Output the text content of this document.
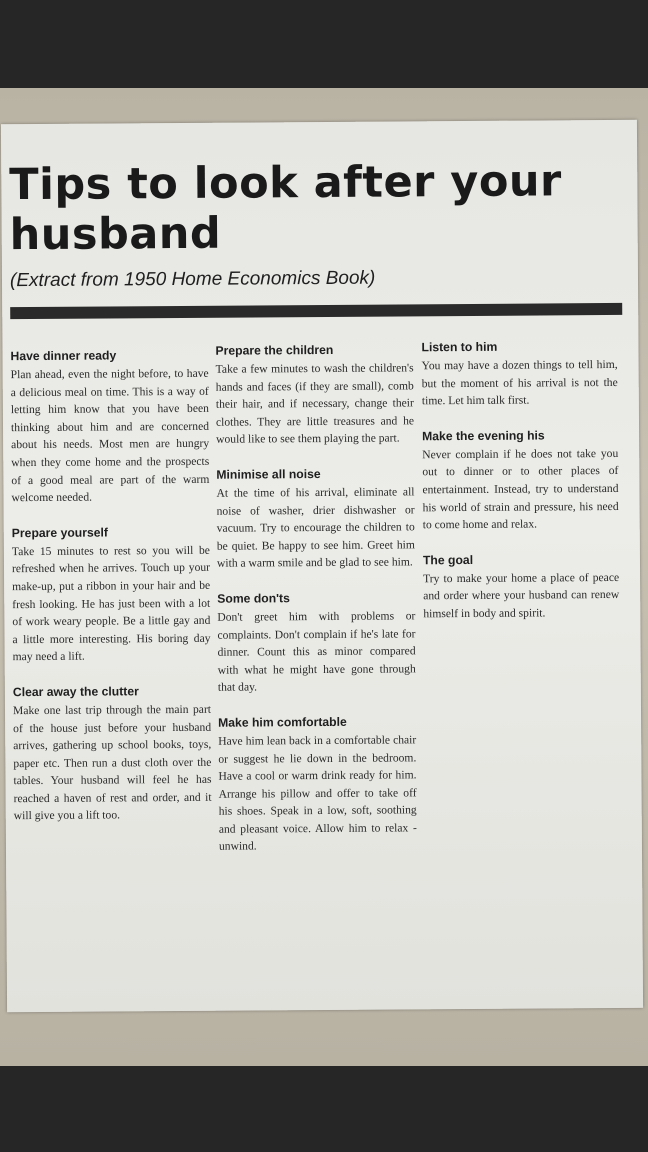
Tips to look after your husband
(Extract from 1950 Home Economics Book)
Have dinner ready

Plan ahead, even the night before, to have a delicious meal on time. This is a way of letting him know that you have been thinking about him and are concerned about his needs. Most men are hungry when they come home and the prospects of a good meal are part of the warm welcome needed.

Prepare yourself

Take 15 minutes to rest so you will be refreshed when he arrives. Touch up your make-up, put a ribbon in your hair and be fresh looking. He has just been with a lot of work weary people. Be a little gay and a little more interesting. His boring day may need a lift.

Clear away the clutter

Make one last trip through the main part of the house just before your husband arrives, gathering up school books, toys, paper etc. Then run a dust cloth over the tables. Your husband will feel he has reached a haven of rest and order, and it will give you a lift too.

Prepare the children

Take a few minutes to wash the children's hands and faces (if they are small), comb their hair, and if necessary, change their clothes. They are little treasures and he would like to see them playing the part.

Minimise all noise

At the time of his arrival, eliminate all noise of washer, drier dishwasher or vacuum. Try to encourage the children to be quiet. Be happy to see him. Greet him with a warm smile and be glad to see him.

Some don'ts

Don't greet him with problems or complaints. Don't complain if he's late for dinner. Count this as minor compared with what he might have gone through that day.

Make him comfortable

Have him lean back in a comfortable chair or suggest he lie down in the bedroom. Have a cool or warm drink ready for him. Arrange his pillow and offer to take off his shoes. Speak in a low, soft, soothing and pleasant voice. Allow him to relax - unwind.

Listen to him

You may have a dozen things to tell him, but the moment of his arrival is not the time. Let him talk first.

Make the evening his

Never complain if he does not take you out to dinner or to other places of entertainment. Instead, try to understand his world of strain and pressure, his need to come home and relax.

The goal

Try to make your home a place of peace and order where your husband can renew himself in body and spirit.
